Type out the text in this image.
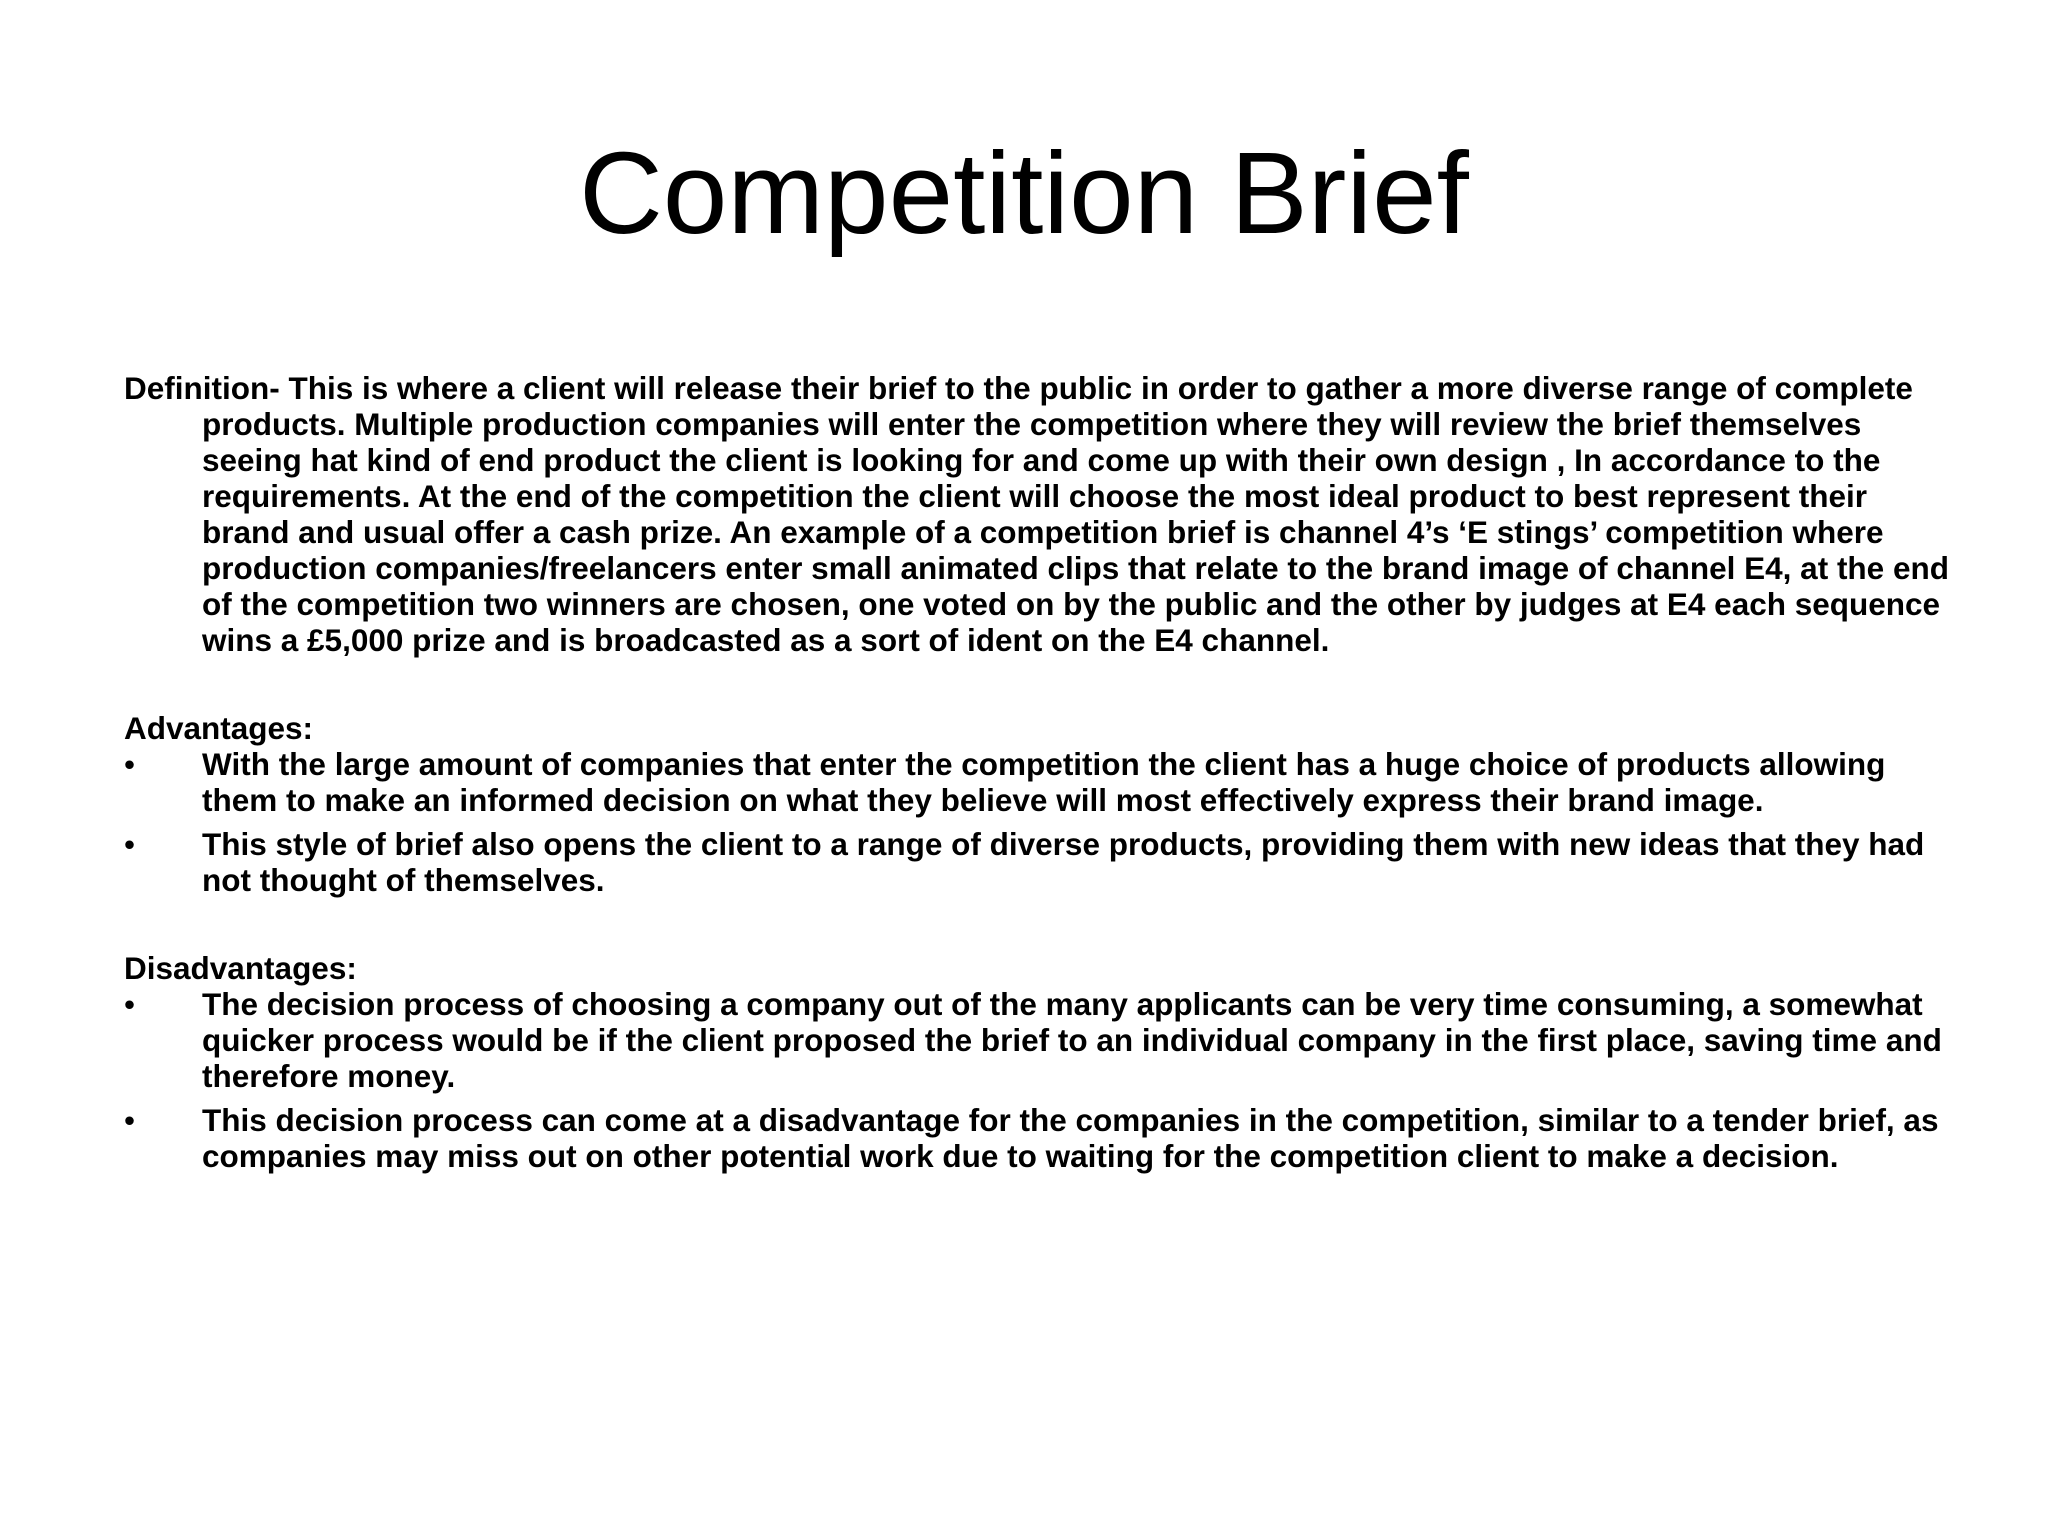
Competition Brief

Definition- This is where a client will release their brief to the public in order to gather a more diverse range of complete products. Multiple production companies will enter the competition where they will review the brief themselves seeing hat kind of end product the client is looking for and come up with their own design , In accordance to the requirements. At the end of the competition the client will choose the most ideal product to best represent their brand and usual offer a cash prize. An example of a competition brief is channel 4’s ‘E stings’ competition where production companies/freelancers enter small animated clips that relate to the brand image of channel E4, at the end of the competition two winners are chosen, one voted on by the public and the other by judges at E4 each sequence wins a £5,000 prize and is broadcasted as a sort of ident on the E4 channel.

Advantages:

•	With the large amount of companies that enter the competition the client has a huge choice of products allowing them to make an informed decision on what they believe will most effectively express their brand image.
•	This style of brief also opens the client to a range of diverse products, providing them with new ideas that they had not thought of themselves.

Disadvantages:

•	The decision process of choosing a company out of the many applicants can be very time consuming, a somewhat quicker process would be if the client proposed the brief to an individual company in the first place, saving time and therefore money.
•	This decision process can come at a disadvantage for the companies in the competition, similar to a tender brief, as companies may miss out on other potential work due to waiting for the competition client to make a decision.
